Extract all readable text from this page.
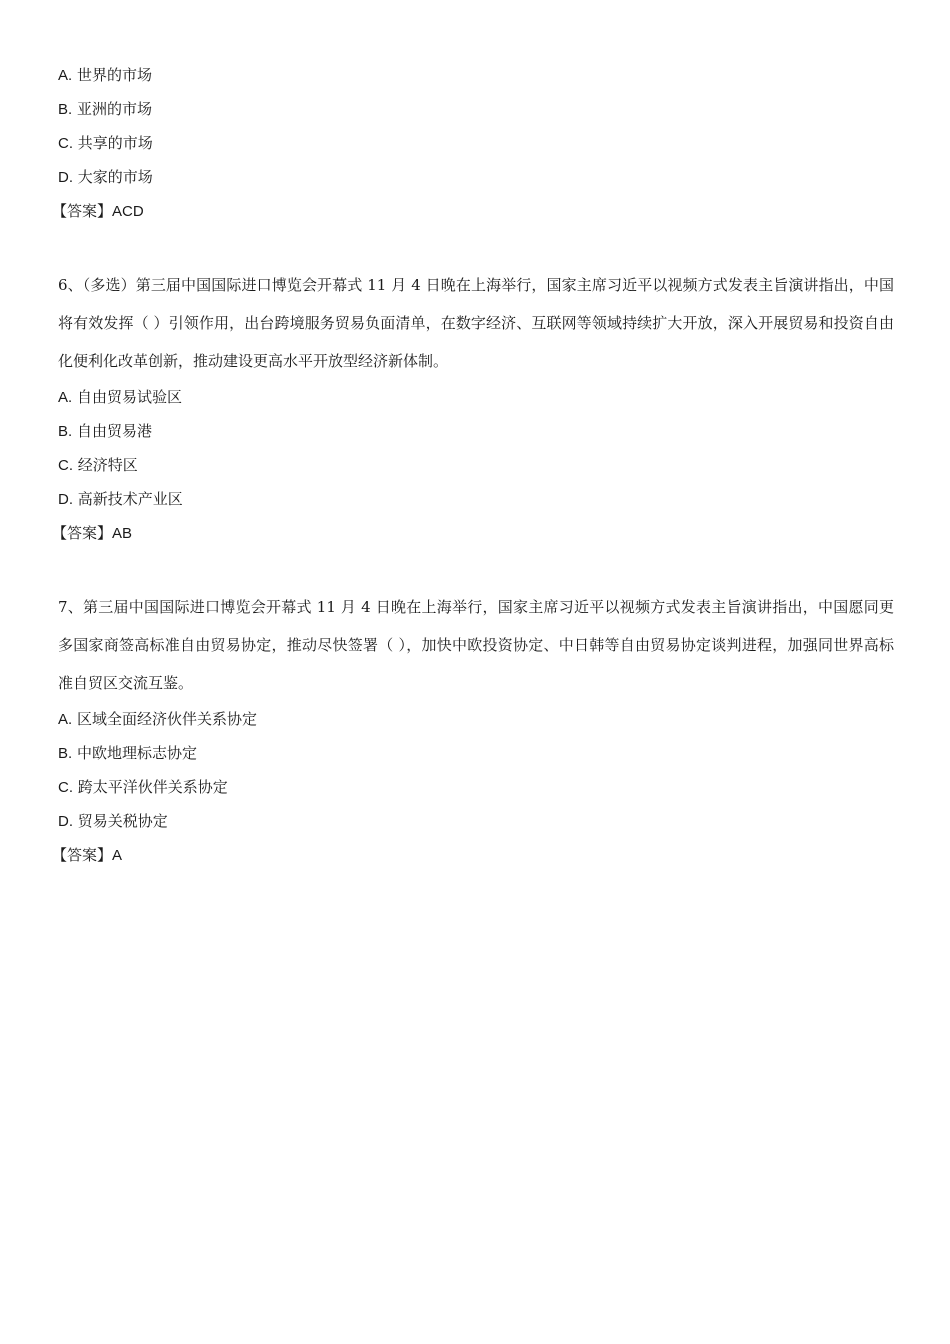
A. 世界的市场
B. 亚洲的市场
C. 共享的市场
D. 大家的市场
【答案】ACD
6、（多选）第三届中国国际进口博览会开幕式 11 月 4 日晚在上海举行，国家主席习近平以视频方式发表主旨演讲指出，中国将有效发挥（ ）引领作用，出台跨境服务贸易负面清单，在数字经济、互联网等领域持续扩大开放，深入开展贸易和投资自由化便利化改革创新，推动建设更高水平开放型经济新体制。
A. 自由贸易试验区
B. 自由贸易港
C. 经济特区
D. 高新技术产业区
【答案】AB
7、第三届中国国际进口博览会开幕式 11 月 4 日晚在上海举行，国家主席习近平以视频方式发表主旨演讲指出，中国愿同更多国家商签高标准自由贸易协定，推动尽快签署（ ），加快中欧投资协定、中日韩等自由贸易协定谈判进程，加强同世界高标准自贸区交流互鉴。
A. 区域全面经济伙伴关系协定
B. 中欧地理标志协定
C. 跨太平洋伙伴关系协定
D. 贸易关税协定
【答案】A
